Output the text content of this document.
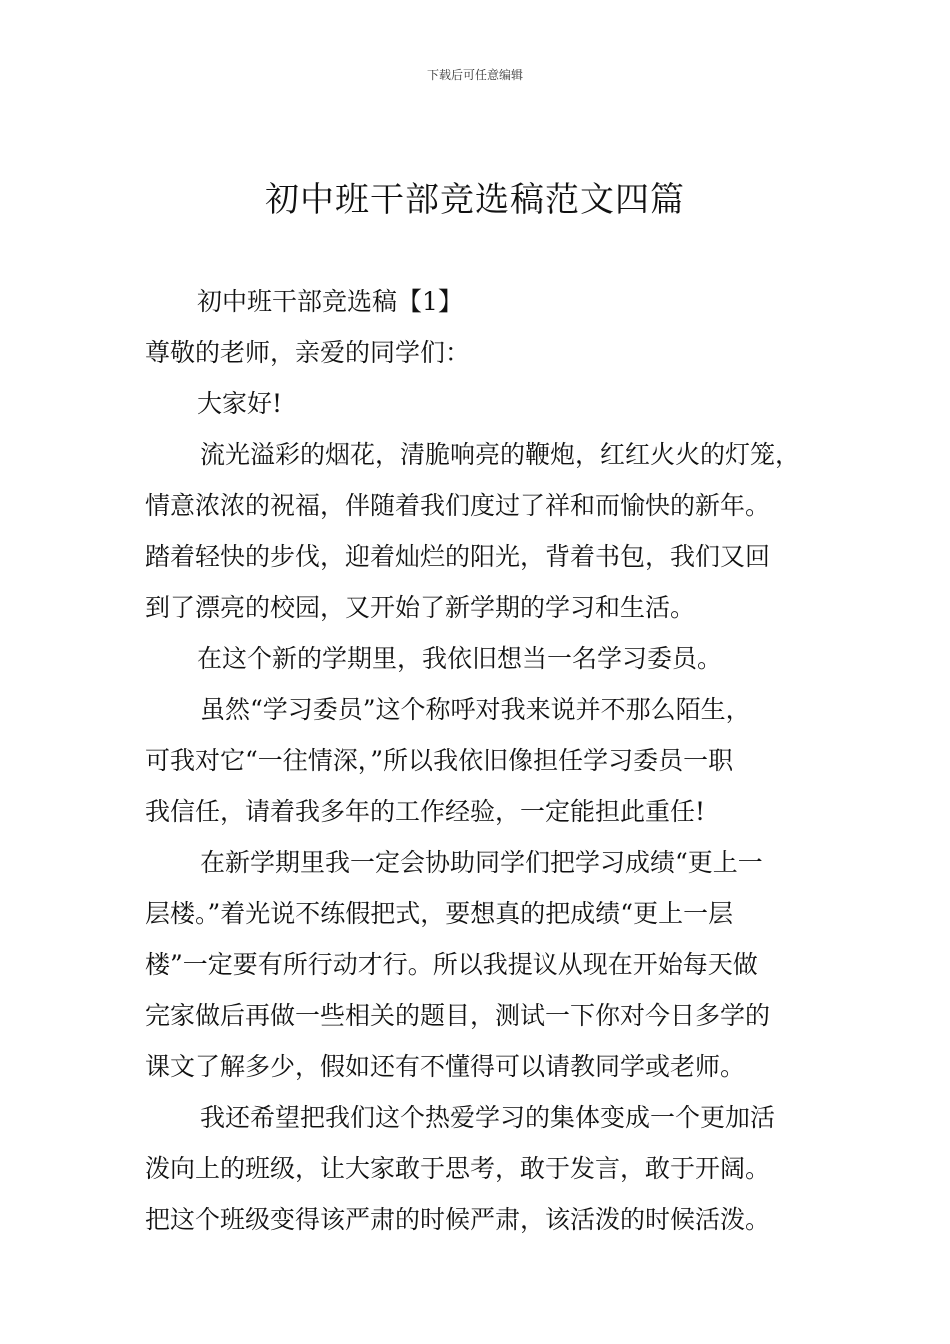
下载后可任意编辑
初中班干部竞选稿范文四篇
初中班干部竞选稿【1】
尊敬的老师，亲爱的同学们：
大家好!
流光溢彩的烟花，清脆响亮的鞭炮，红红火火的灯笼，
情意浓浓的祝福，伴随着我们度过了祥和而愉快的新年。
踏着轻快的步伐，迎着灿烂的阳光，背着书包，我们又回
到了漂亮的校园，又开始了新学期的学习和生活。
在这个新的学期里，我依旧想当一名学习委员。
虽然“学习委员”这个称呼对我来说并不那么陌生，
可我对它“一往情深，”所以我依旧像担任学习委员一职
我信任，请着我多年的工作经验，一定能担此重任!
在新学期里我一定会协助同学们把学习成绩“更上一
层楼。”着光说不练假把式，要想真的把成绩“更上一层
楼”一定要有所行动才行。所以我提议从现在开始每天做
完家做后再做一些相关的题目，测试一下你对今日多学的
课文了解多少，假如还有不懂得可以请教同学或老师。
我还希望把我们这个热爱学习的集体变成一个更加活
泼向上的班级，让大家敢于思考，敢于发言，敢于开阔。
把这个班级变得该严肃的时候严肃，该活泼的时候活泼。
